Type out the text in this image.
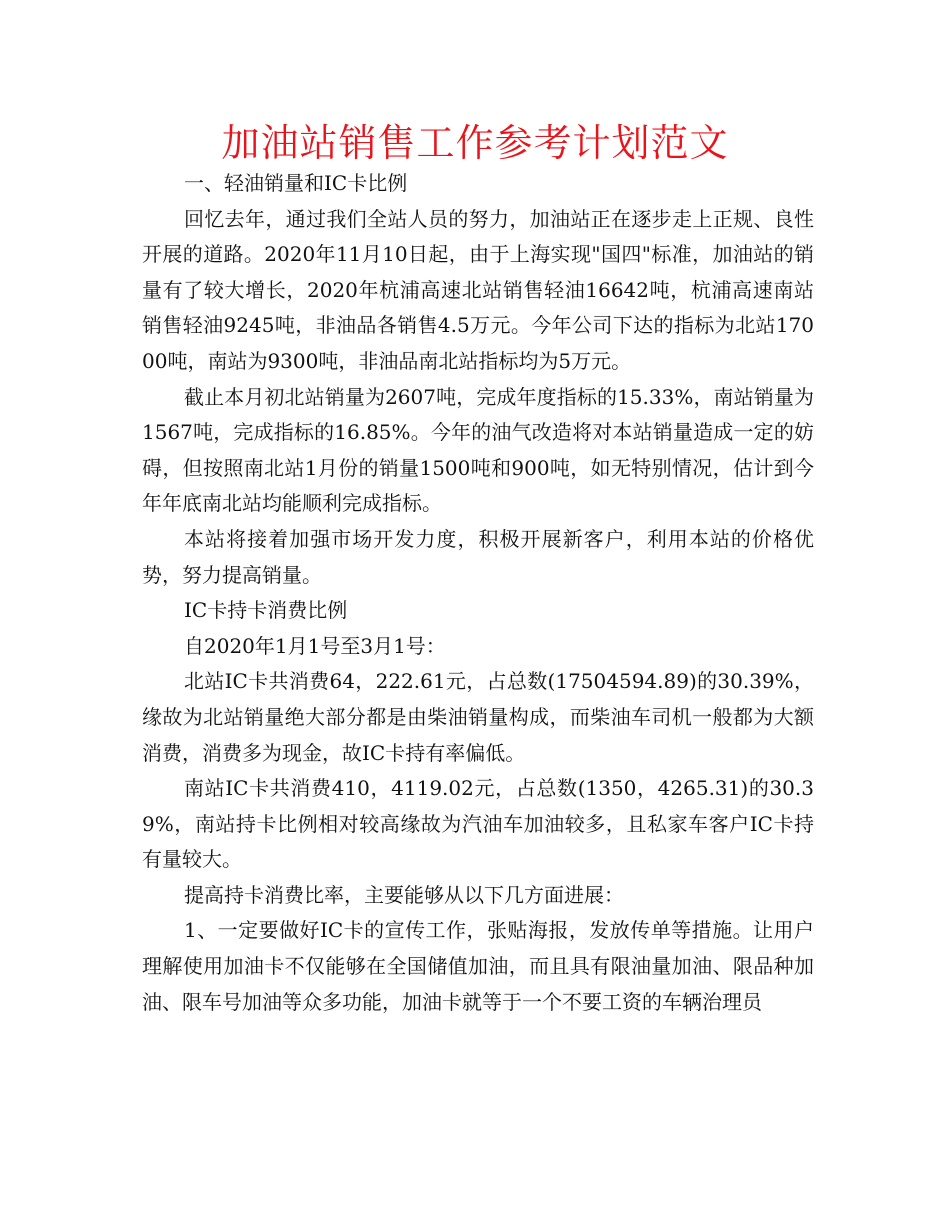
加油站销售工作参考计划范文

一、轻油销量和IC卡比例

回忆去年，通过我们全站人员的努力，加油站正在逐步走上正规、良性开展的道路。2020年11月10日起，由于上海实现"国四"标准，加油站的销量有了较大增长，2020年杭浦高速北站销售轻油16642吨，杭浦高速南站销售轻油9245吨，非油品各销售4.5万元。今年公司下达的指标为北站17000吨，南站为9300吨，非油品南北站指标均为5万元。

截止本月初北站销量为2607吨，完成年度指标的15.33%，南站销量为1567吨，完成指标的16.85%。今年的油气改造将对本站销量造成一定的妨碍，但按照南北站1月份的销量1500吨和900吨，如无特别情况，估计到今年年底南北站均能顺利完成指标。

本站将接着加强市场开发力度，积极开展新客户，利用本站的价格优势，努力提高销量。

IC卡持卡消费比例

自2020年1月1号至3月1号：

北站IC卡共消费64，222.61元，占总数(17504594.89)的30.39%，缘故为北站销量绝大部分都是由柴油销量构成，而柴油车司机一般都为大额消费，消费多为现金，故IC卡持有率偏低。

南站IC卡共消费410，4119.02元，占总数(1350，4265.31)的30.39%，南站持卡比例相对较高缘故为汽油车加油较多，且私家车客户IC卡持有量较大。

提高持卡消费比率，主要能够从以下几方面进展：

1、一定要做好IC卡的宣传工作，张贴海报，发放传单等措施。让用户理解使用加油卡不仅能够在全国储值加油，而且具有限油量加油、限品种加油、限车号加油等众多功能，加油卡就等于一个不要工资的车辆治理员
